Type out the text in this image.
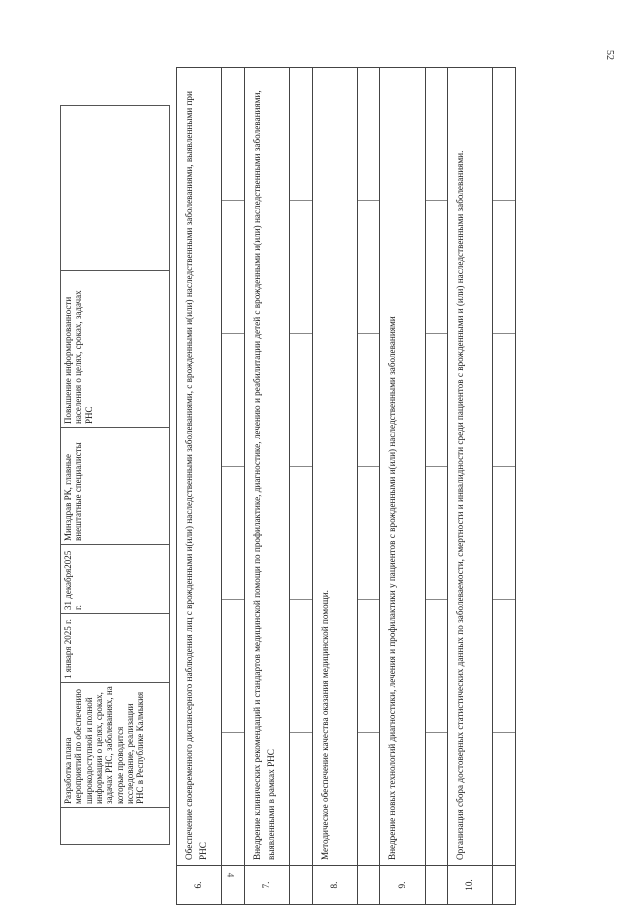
52
4
	Разработка плана мероприятий по обеспечению широкодоступной и полной информации о целях, сроках, задачах РНС, заболеваниях, на которые проводится исследование, реализации РНС в Республике Калмыкия	1 января 2025 г.	31 декабря2025 г.	Минздрав РК, главные внештатные специалисты	Повышение информированности населения о целях, сроках, задачах РНС	
6.	Обеспечение своевременного диспансерного наблюдения лиц с врожденными и(или) наследственными заболеваниями, с врожденными и(или) наследственными заболеваниями, выявленными при РНС

7.	Внедрение клинических рекомендаций и стандартов медицинской помощи по профилактике, диагностике, лечению и реабилитации детей с врожденными и(или) наследственными заболеваниями, выявленными в рамках РНС

8.	Методическое обеспечение качества оказания медицинской помощи.

9.	Внедрение новых технологий диагностики, лечения и профилактики у пациентов с врожденными и(или) наследственными заболеваниями

10.	Организация сбора достоверных статистических данных по заболеваемости, смертности и инвалидности среди пациентов с врожденными и (или) наследственными заболеваниями.
